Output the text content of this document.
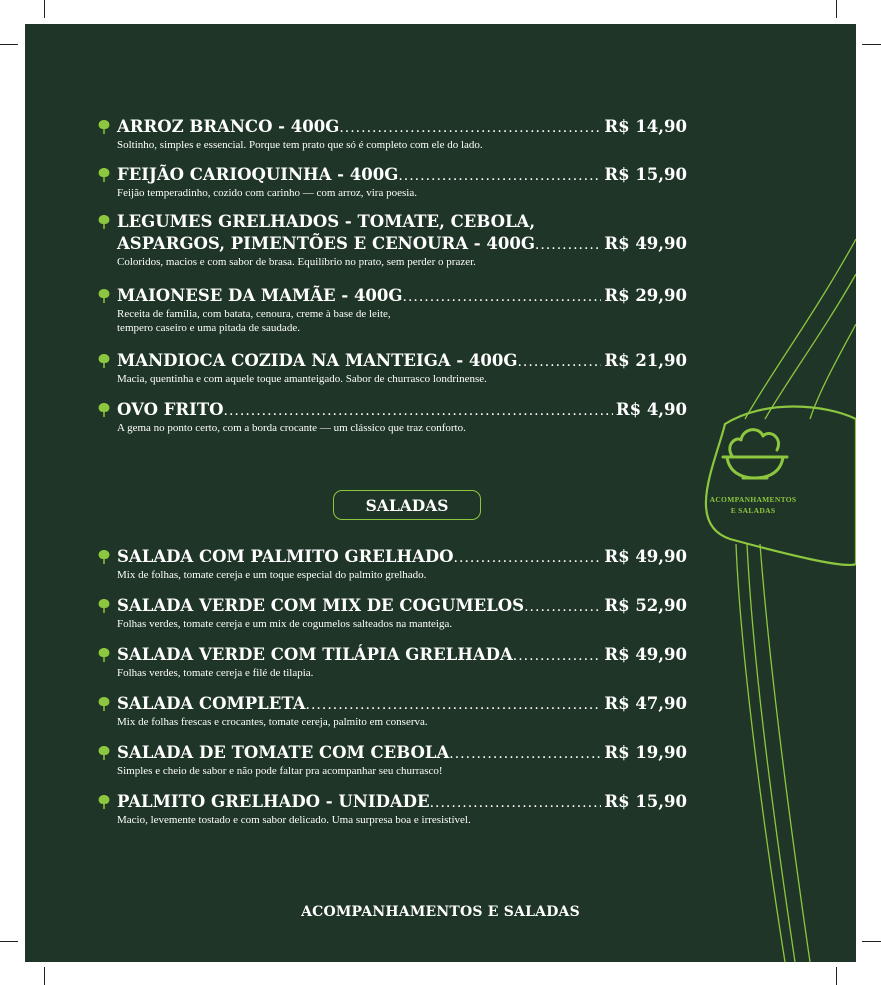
ACOMPANHAMENTOS
E SALADAS
ARROZ BRANCO - 400G .....	R$ 14,90
Soltinho, simples e essencial. Porque tem prato que só é completo com ele do lado.
FEIJÃO CARIOQUINHA - 400G .....	R$ 15,90
Feijão temperadinho, cozido com carinho — com arroz, vira poesia.
LEGUMES GRELHADOS - TOMATE, CEBOLA,
ASPARGOS, PIMENTÕES E CENOURA - 400G .....	R$ 49,90
Coloridos, macios e com sabor de brasa. Equilíbrio no prato, sem perder o prazer.
MAIONESE DA MAMÃE - 400G .....	R$ 29,90
Receita de família, com batata, cenoura, creme à base de leite,
tempero caseiro e uma pitada de saudade.
MANDIOCA COZIDA NA MANTEIGA - 400G .....	R$ 21,90
Macia, quentinha e com aquele toque amanteigado. Sabor de churrasco londrinense.
OVO FRITO .....	R$ 4,90
A gema no ponto certo, com a borda crocante — um clássico que traz conforto.
SALADAS
SALADA COM PALMITO GRELHADO .....	R$ 49,90
Mix de folhas, tomate cereja e um toque especial do palmito grelhado.
SALADA VERDE COM MIX DE COGUMELOS .....	R$ 52,90
Folhas verdes, tomate cereja e um mix de cogumelos salteados na manteiga.
SALADA VERDE COM TILÁPIA GRELHADA .....	R$ 49,90
Folhas verdes, tomate cereja e filé de tilapia.
SALADA COMPLETA .....	R$ 47,90
Mix de folhas frescas e crocantes, tomate cereja, palmito em conserva.
SALADA DE TOMATE COM CEBOLA .....	R$ 19,90
Simples e cheio de sabor e não pode faltar pra acompanhar seu churrasco!
PALMITO GRELHADO - UNIDADE .....	R$ 15,90
Macio, levemente tostado e com sabor delicado. Uma surpresa boa e irresistível.
ACOMPANHAMENTOS E SALADAS
